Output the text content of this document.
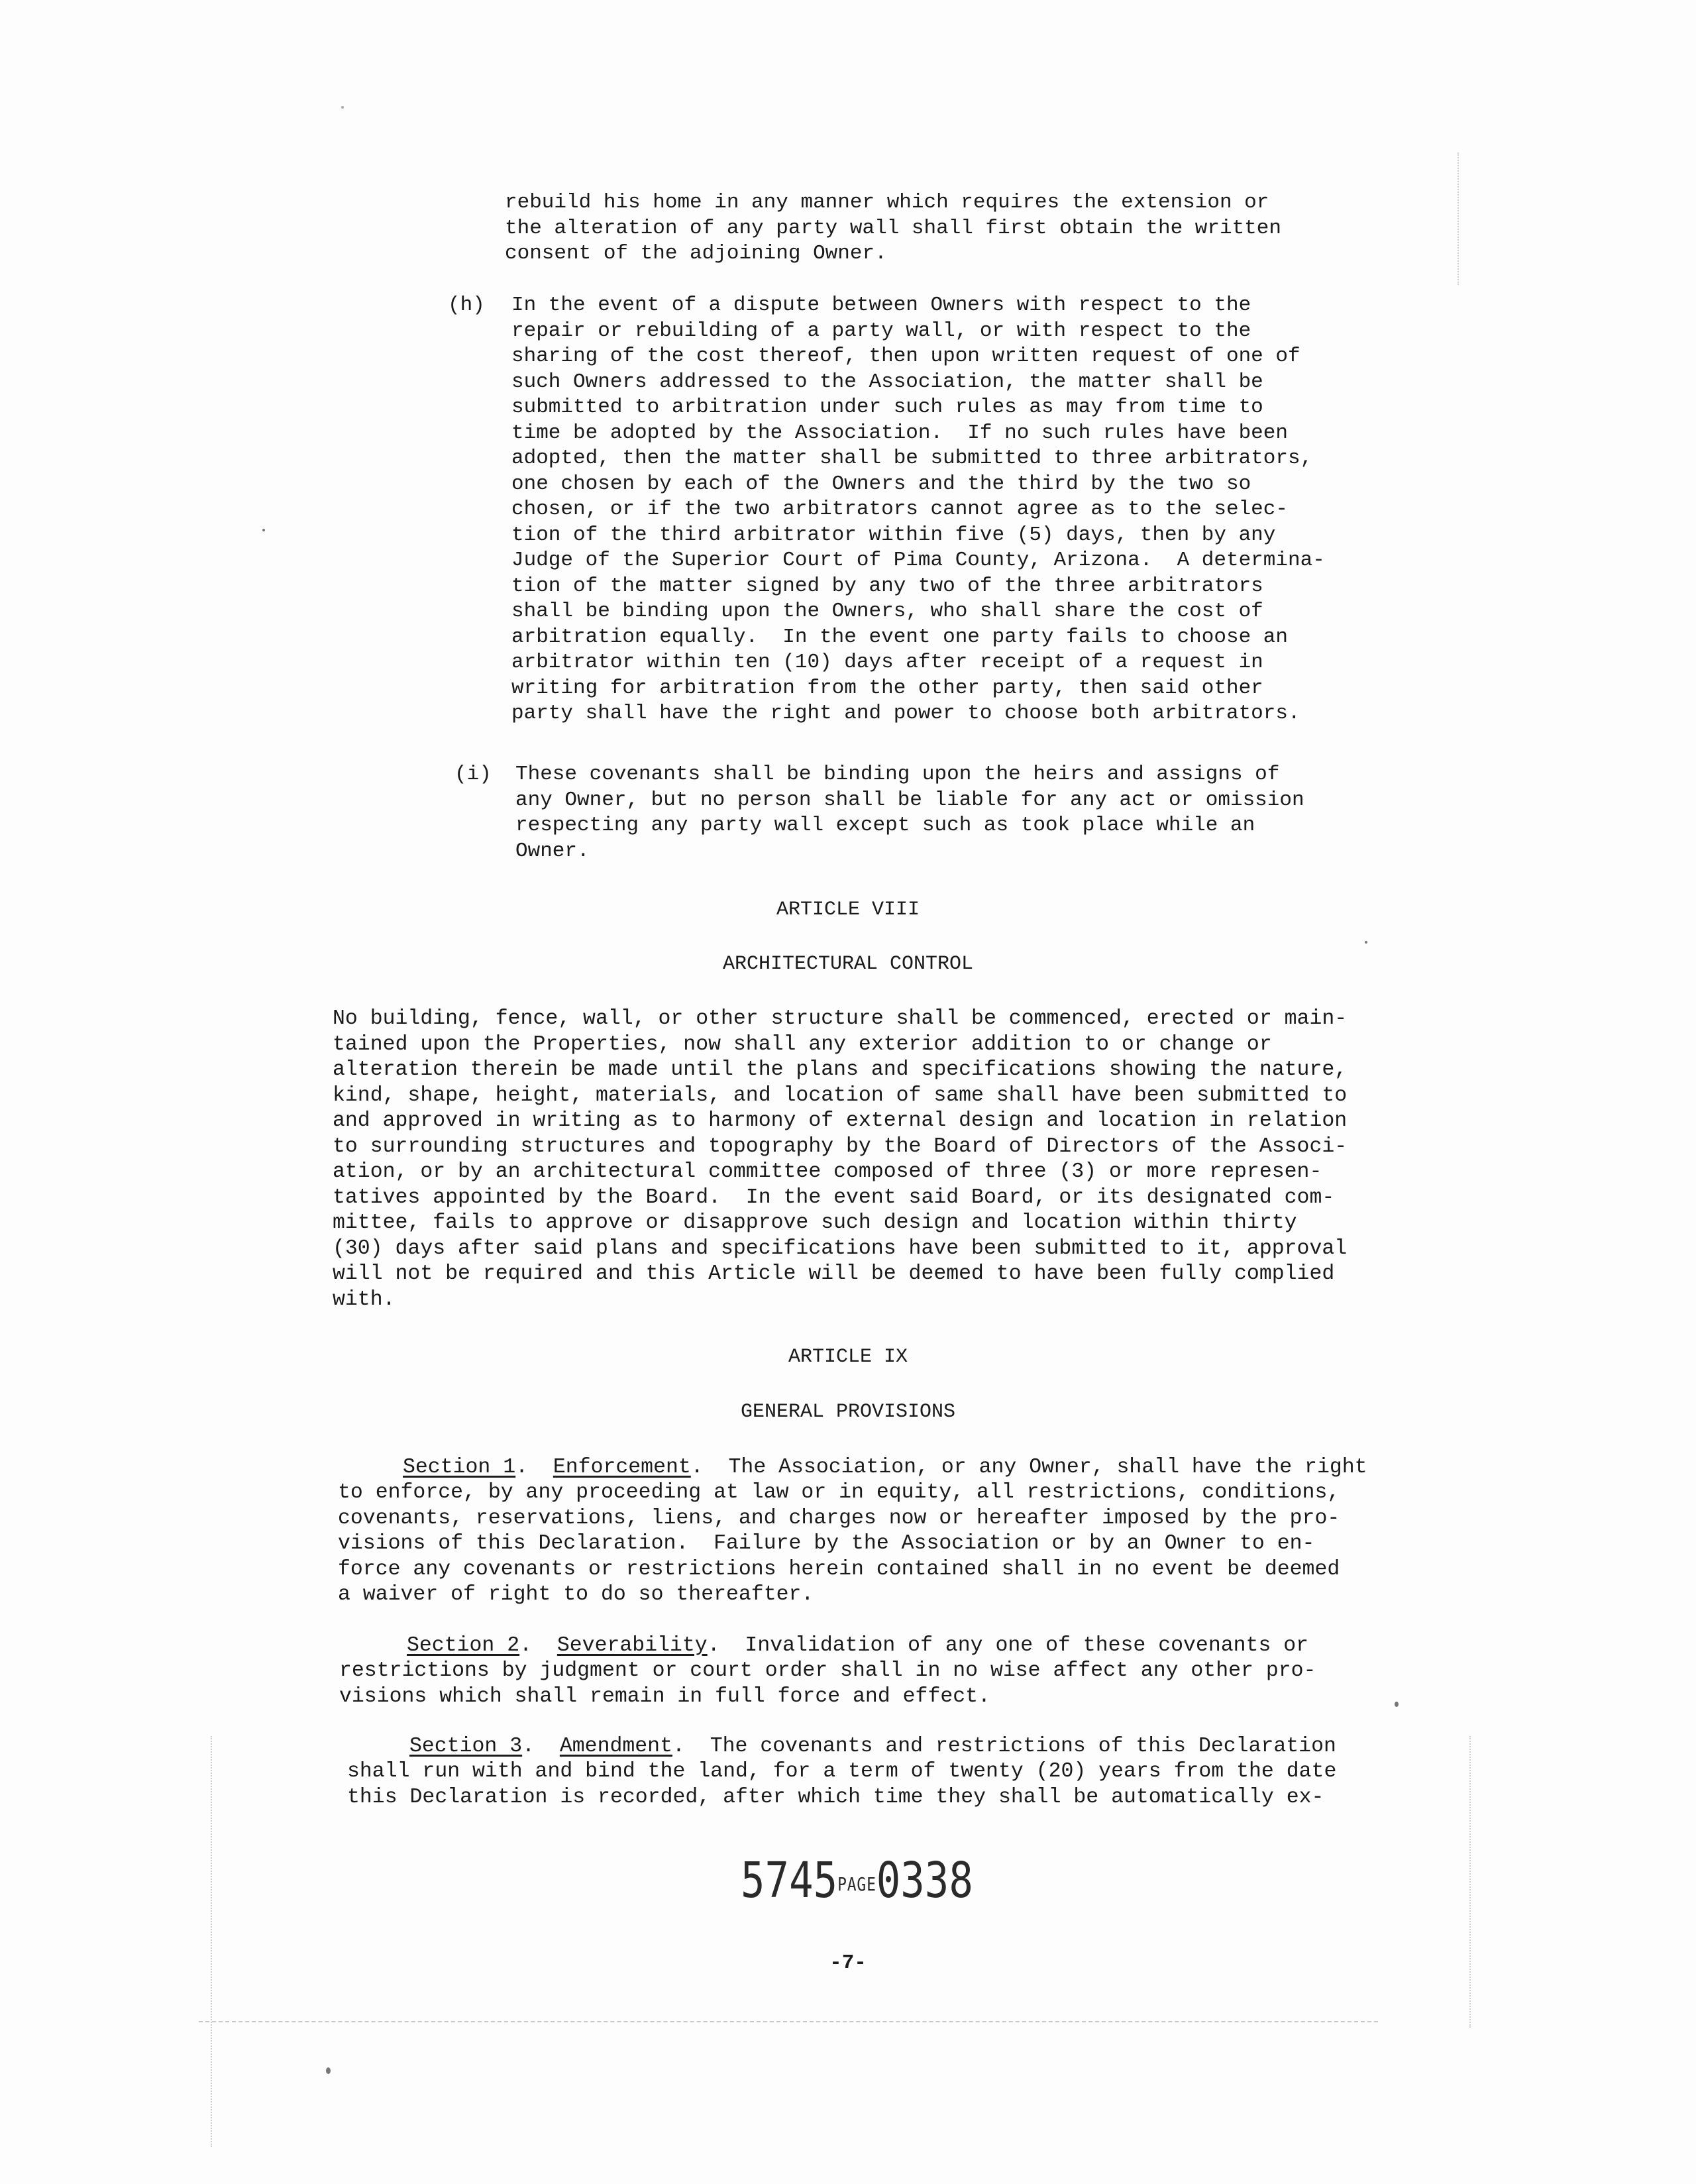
rebuild his home in any manner which requires the extension or
the alteration of any party wall shall first obtain the written
consent of the adjoining Owner.
(h) In the event of a dispute between Owners with respect to the
repair or rebuilding of a party wall, or with respect to the
sharing of the cost thereof, then upon written request of one of
such Owners addressed to the Association, the matter shall be
submitted to arbitration under such rules as may from time to
time be adopted by the Association.  If no such rules have been
adopted, then the matter shall be submitted to three arbitrators,
one chosen by each of the Owners and the third by the two so
chosen, or if the two arbitrators cannot agree as to the selec-
tion of the third arbitrator within five (5) days, then by any
Judge of the Superior Court of Pima County, Arizona.  A determina-
tion of the matter signed by any two of the three arbitrators
shall be binding upon the Owners, who shall share the cost of
arbitration equally.  In the event one party fails to choose an
arbitrator within ten (10) days after receipt of a request in
writing for arbitration from the other party, then said other
party shall have the right and power to choose both arbitrators.
(i) These covenants shall be binding upon the heirs and assigns of
any Owner, but no person shall be liable for any act or omission
respecting any party wall except such as took place while an
Owner.
ARTICLE VIII
ARCHITECTURAL CONTROL
No building, fence, wall, or other structure shall be commenced, erected or main-
tained upon the Properties, now shall any exterior addition to or change or
alteration therein be made until the plans and specifications showing the nature,
kind, shape, height, materials, and location of same shall have been submitted to
and approved in writing as to harmony of external design and location in relation
to surrounding structures and topography by the Board of Directors of the Associ-
ation, or by an architectural committee composed of three (3) or more represen-
tatives appointed by the Board.  In the event said Board, or its designated com-
mittee, fails to approve or disapprove such design and location within thirty
(30) days after said plans and specifications have been submitted to it, approval
will not be required and this Article will be deemed to have been fully complied
with.
ARTICLE IX
GENERAL PROVISIONS
Section 1.  Enforcement.  The Association, or any Owner, shall have the right
to enforce, by any proceeding at law or in equity, all restrictions, conditions,
covenants, reservations, liens, and charges now or hereafter imposed by the pro-
visions of this Declaration.  Failure by the Association or by an Owner to en-
force any covenants or restrictions herein contained shall in no event be deemed
a waiver of right to do so thereafter.
Section 2.  Severability.  Invalidation of any one of these covenants or
restrictions by judgment or court order shall in no wise affect any other pro-
visions which shall remain in full force and effect.
Section 3.  Amendment.  The covenants and restrictions of this Declaration
shall run with and bind the land, for a term of twenty (20) years from the date
this Declaration is recorded, after which time they shall be automatically ex-
5745PAGE0338
-7-
